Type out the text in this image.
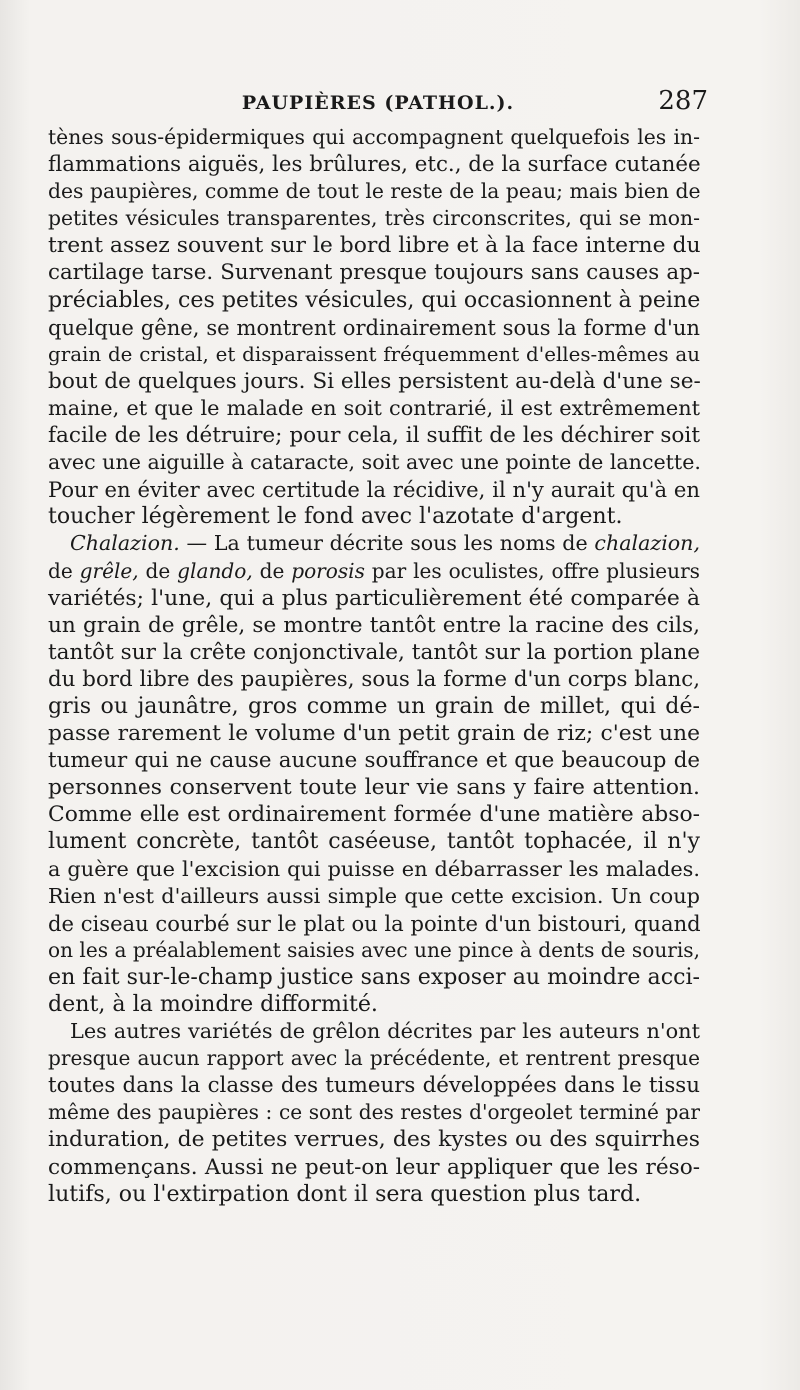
PAUPIÈRES (PATHOL.).	287

tènes sous-épidermiques qui accompagnent quelquefois les in-
flammations aiguës, les brûlures, etc., de la surface cutanée
des paupières, comme de tout le reste de la peau; mais bien de
petites vésicules transparentes, très circonscrites, qui se mon-
trent assez souvent sur le bord libre et à la face interne du
cartilage tarse. Survenant presque toujours sans causes ap-
préciables, ces petites vésicules, qui occasionnent à peine
quelque gêne, se montrent ordinairement sous la forme d'un
grain de cristal, et disparaissent fréquemment d'elles-mêmes au
bout de quelques jours. Si elles persistent au-delà d'une se-
maine, et que le malade en soit contrarié, il est extrêmement
facile de les détruire; pour cela, il suffit de les déchirer soit
avec une aiguille à cataracte, soit avec une pointe de lancette.
Pour en éviter avec certitude la récidive, il n'y aurait qu'à en
toucher légèrement le fond avec l'azotate d'argent.

Chalazion. — La tumeur décrite sous les noms de chalazion,
de grêle, de glando, de porosis par les oculistes, offre plusieurs
variétés; l'une, qui a plus particulièrement été comparée à
un grain de grêle, se montre tantôt entre la racine des cils,
tantôt sur la crête conjonctivale, tantôt sur la portion plane
du bord libre des paupières, sous la forme d'un corps blanc,
gris ou jaunâtre, gros comme un grain de millet, qui dé-
passe rarement le volume d'un petit grain de riz; c'est une
tumeur qui ne cause aucune souffrance et que beaucoup de
personnes conservent toute leur vie sans y faire attention.
Comme elle est ordinairement formée d'une matière abso-
lument concrète, tantôt caséeuse, tantôt tophacée, il n'y
a guère que l'excision qui puisse en débarrasser les malades.
Rien n'est d'ailleurs aussi simple que cette excision. Un coup
de ciseau courbé sur le plat ou la pointe d'un bistouri, quand
on les a préalablement saisies avec une pince à dents de souris,
en fait sur-le-champ justice sans exposer au moindre acci-
dent, à la moindre difformité.

Les autres variétés de grêlon décrites par les auteurs n'ont
presque aucun rapport avec la précédente, et rentrent presque
toutes dans la classe des tumeurs développées dans le tissu
même des paupières : ce sont des restes d'orgeolet terminé par
induration, de petites verrues, des kystes ou des squirrhes
commençans. Aussi ne peut-on leur appliquer que les réso-
lutifs, ou l'extirpation dont il sera question plus tard.
